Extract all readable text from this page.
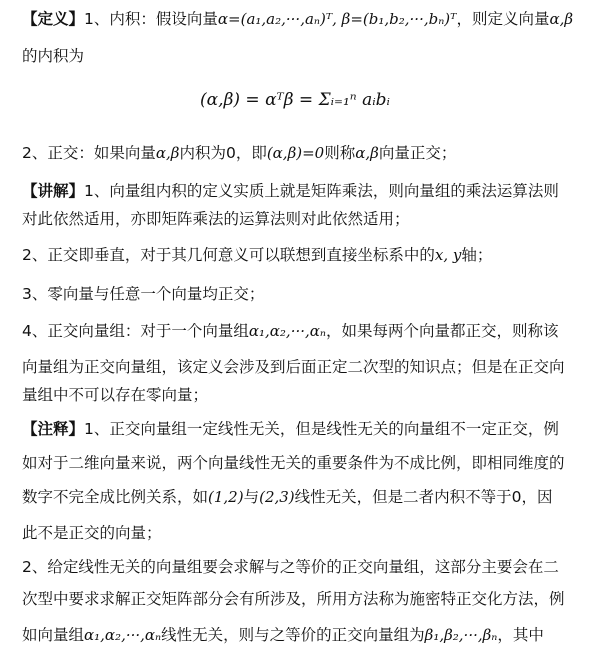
【定义】1、内积：假设向量α=(a₁,a₂,···,aₙ)ᵀ, β=(b₁,b₂,···,bₙ)ᵀ，则定义向量α,β
的内积为
(α,β) = αᵀβ = Σᵢ₌₁ⁿ aᵢbᵢ
2、正交：如果向量α,β内积为0，即(α,β)=0则称α,β向量正交；
【讲解】1、向量组内积的定义实质上就是矩阵乘法，则向量组的乘法运算法则
对此依然适用，亦即矩阵乘法的运算法则对此依然适用；
2、正交即垂直，对于其几何意义可以联想到直接坐标系中的x, y轴；
3、零向量与任意一个向量均正交；
4、正交向量组：对于一个向量组α₁,α₂,···,αₙ，如果每两个向量都正交，则称该
向量组为正交向量组，该定义会涉及到后面正定二次型的知识点；但是在正交向
量组中不可以存在零向量；
【注释】1、正交向量组一定线性无关，但是线性无关的向量组不一定正交，例
如对于二维向量来说，两个向量线性无关的重要条件为不成比例，即相同维度的
数字不完全成比例关系，如(1,2)与(2,3)线性无关，但是二者内积不等于0，因
此不是正交的向量；
2、给定线性无关的向量组要会求解与之等价的正交向量组，这部分主要会在二
次型中要求求解正交矩阵部分会有所涉及，所用方法称为施密特正交化方法，例
如向量组α₁,α₂,···,αₙ线性无关，则与之等价的正交向量组为β₁,β₂,···,βₙ，其中
